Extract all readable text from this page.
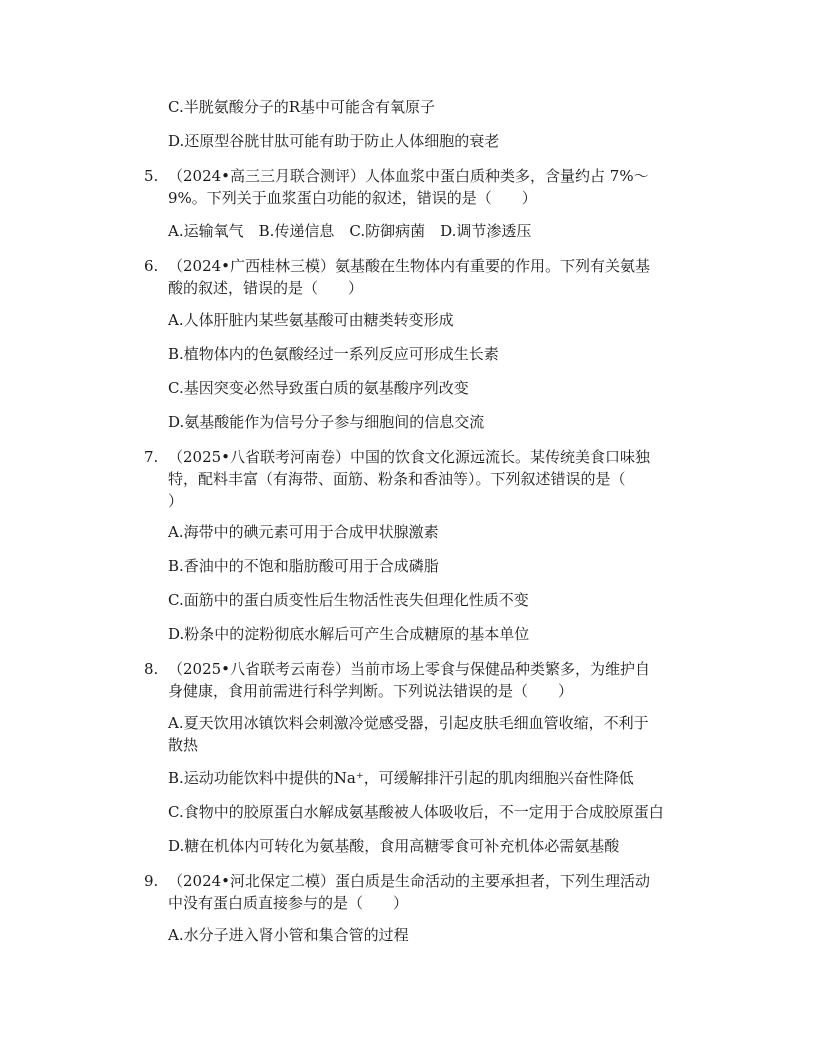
C.半胱氨酸分子的R基中可能含有氧原子
D.还原型谷胱甘肽可能有助于防止人体细胞的衰老
5. （2024•高三三月联合测评）人体血浆中蛋白质种类多，含量约占 7%～
9%。下列关于血浆蛋白功能的叙述，错误的是（　　）
A.运输氧气　B.传递信息　C.防御病菌　D.调节渗透压
6. （2024•广西桂林三模）氨基酸在生物体内有重要的作用。下列有关氨基
酸的叙述，错误的是（　　）
A.人体肝脏内某些氨基酸可由糖类转变形成
B.植物体内的色氨酸经过一系列反应可形成生长素
C.基因突变必然导致蛋白质的氨基酸序列改变
D.氨基酸能作为信号分子参与细胞间的信息交流
7. （2025•八省联考河南卷）中国的饮食文化源远流长。某传统美食口味独
特，配料丰富（有海带、面筋、粉条和香油等）。下列叙述错误的是（
）
A.海带中的碘元素可用于合成甲状腺激素
B.香油中的不饱和脂肪酸可用于合成磷脂
C.面筋中的蛋白质变性后生物活性丧失但理化性质不变
D.粉条中的淀粉彻底水解后可产生合成糖原的基本单位
8. （2025•八省联考云南卷）当前市场上零食与保健品种类繁多，为维护自
身健康，食用前需进行科学判断。下列说法错误的是（　　）
A.夏天饮用冰镇饮料会刺激冷觉感受器，引起皮肤毛细血管收缩，不利于
散热
B.运动功能饮料中提供的Na⁺，可缓解排汗引起的肌肉细胞兴奋性降低
C.食物中的胶原蛋白水解成氨基酸被人体吸收后，不一定用于合成胶原蛋白
D.糖在机体内可转化为氨基酸，食用高糖零食可补充机体必需氨基酸
9. （2024•河北保定二模）蛋白质是生命活动的主要承担者，下列生理活动
中没有蛋白质直接参与的是（　　）
A.水分子进入肾小管和集合管的过程
